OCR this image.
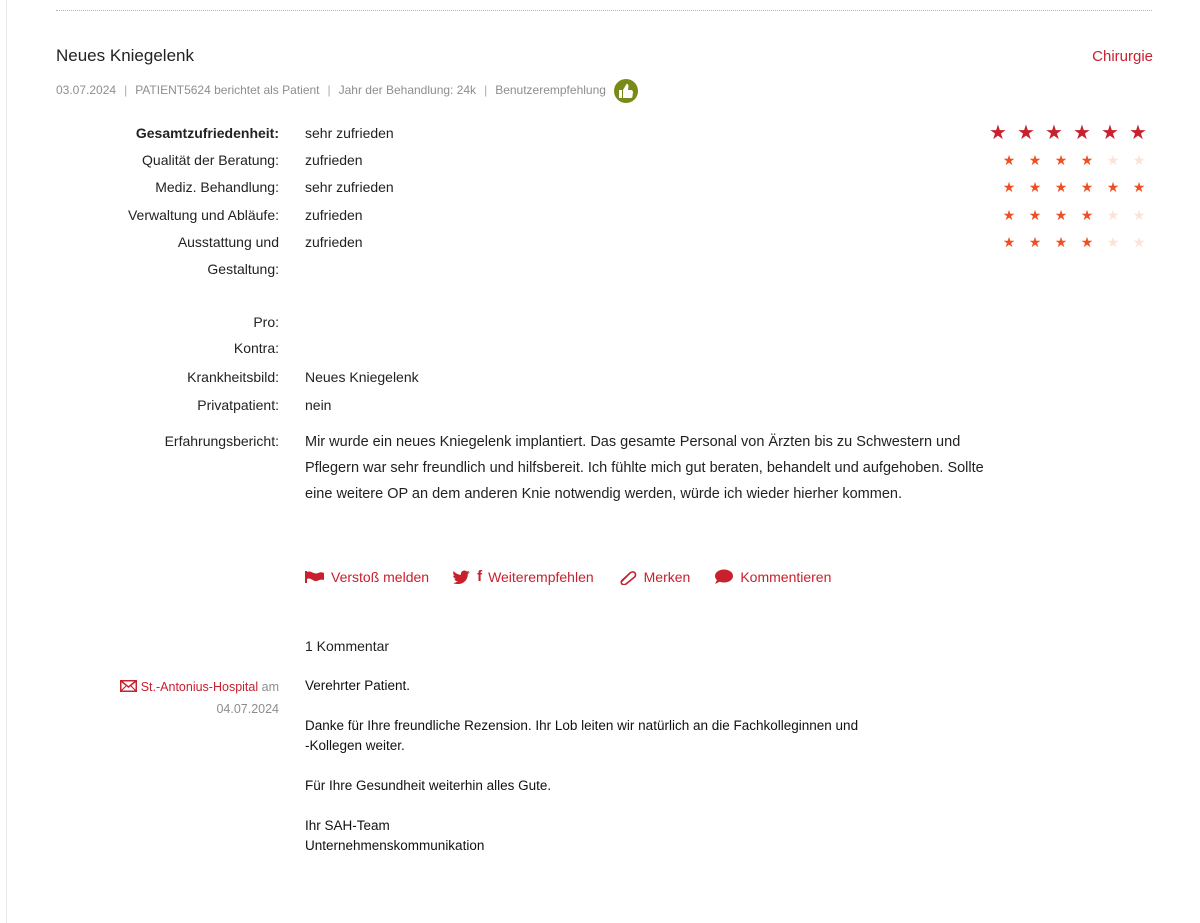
Neues Kniegelenk	Chirurgie
03.07.2024 | PATIENT5624 berichtet als Patient | Jahr der Behandlung: 24k | Benutzerempfehlung
Gesamtzufriedenheit: sehr zufrieden	★ ★ ★ ★ ★ ★
Qualität der Beratung: zufrieden	★ ★ ★ ★ ★ ★
Mediz. Behandlung: sehr zufrieden	★ ★ ★ ★ ★ ★
Verwaltung und Abläufe: zufrieden	★ ★ ★ ★ ★ ★
Ausstattung und
Gestaltung:
zufrieden	★ ★ ★ ★ ★ ★
Pro:
Kontra:
Krankheitsbild: Neues Kniegelenk
Privatpatient: nein
Erfahrungsbericht: Mir wurde ein neues Kniegelenk implantiert. Das gesamte Personal von Ärzten bis zu Schwestern und Pflegern war sehr freundlich und hilfsbereit. Ich fühlte mich gut beraten, behandelt und aufgehoben. Sollte eine weitere OP an dem anderen Knie notwendig werden, würde ich wieder hierher kommen.
Verstoß melden	f Weiterempfehlen	Merken	Kommentieren
1 Kommentar
St.-Antonius-Hospital am
04.07.2024

Verehrter Patient.

Danke für Ihre freundliche Rezension. Ihr Lob leiten wir natürlich an die Fachkolleginnen und -Kollegen weiter.

Für Ihre Gesundheit weiterhin alles Gute.

Ihr SAH-Team
Unternehmenskommunikation
